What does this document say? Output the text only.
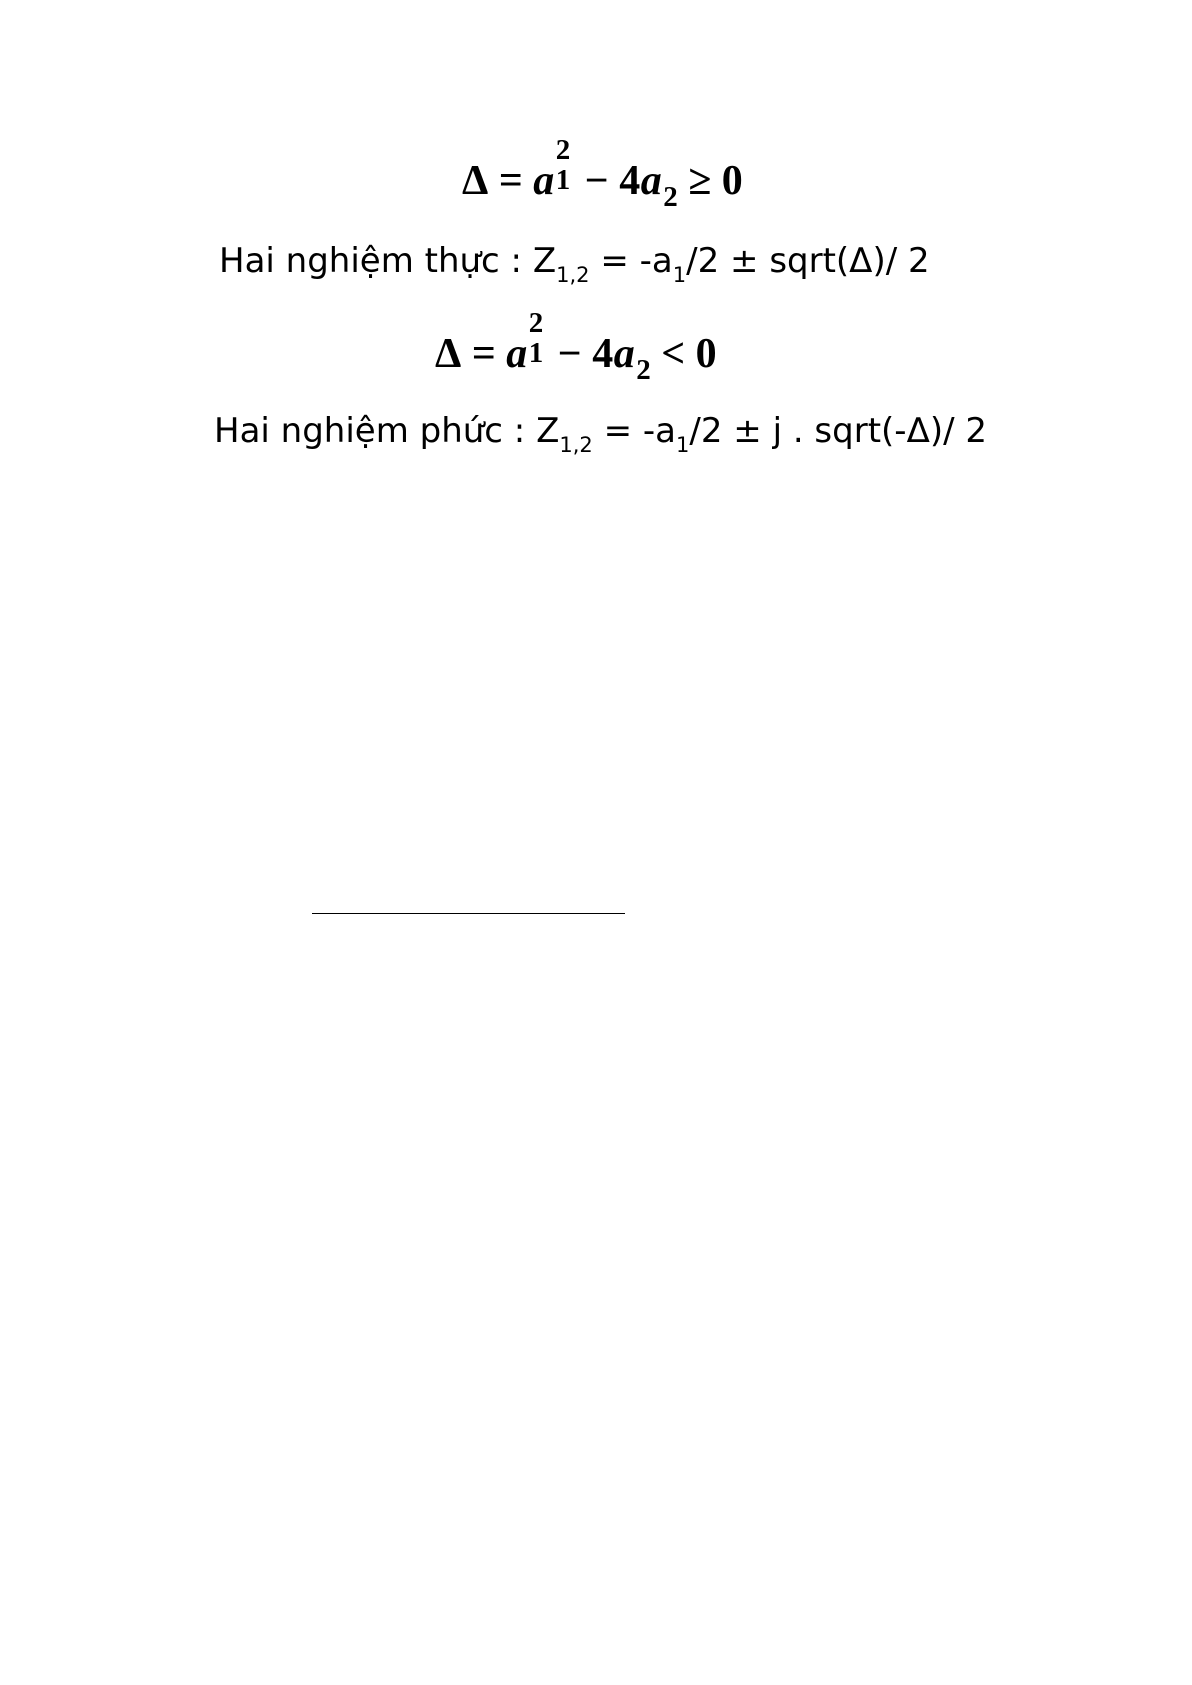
Δ = a
2
1 − 4a2 ≥ 0
Hai nghiệm thực : $Z_{1,2} = -a_1/2$ ± sqrt(Δ)/ 2
Δ = a
2
1 − 4a2 < 0
Hai nghiệm phức : $Z_{1,2} = -a_1/2 \pm j$ . sqrt(-Δ)/ 2
